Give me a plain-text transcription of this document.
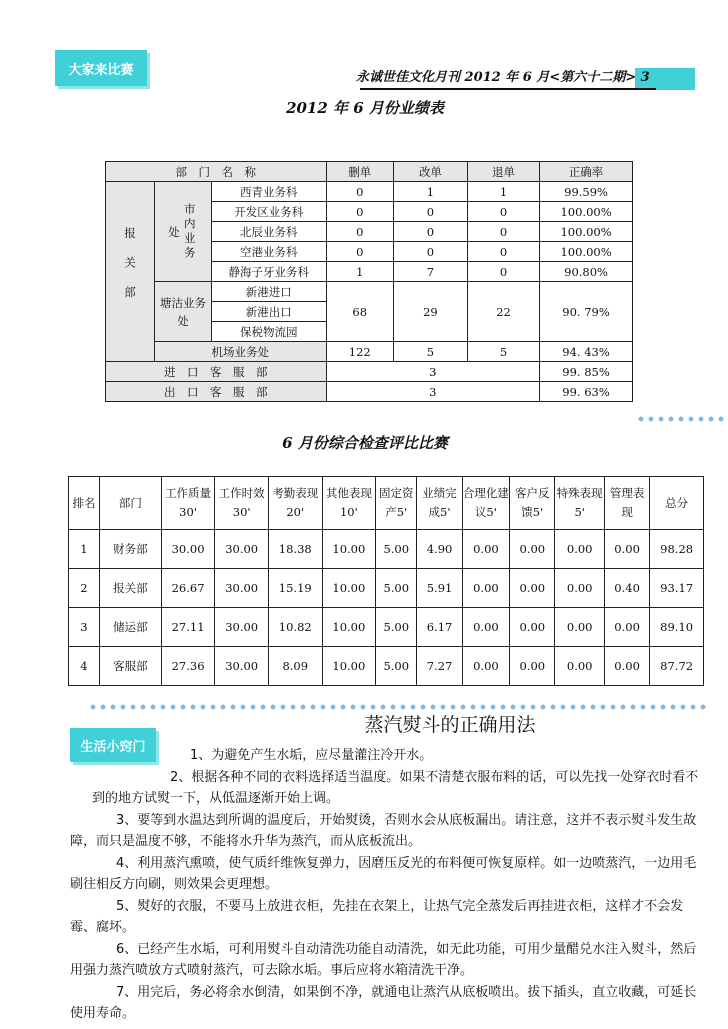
大家来比赛	永诚世佳文化月刊 2012 年 6 月<第六十二期> 3
2012 年 6 月份业绩表
部　门　名　称			删单	改单	退单	正确率

报关部	处 市内业务	西青业务科	0	1	1	99.59%
		开发区业务科	0	0	0	100.00%
		北辰业务科	0	0	0	100.00%
		空港业务科	0	0	0	100.00%
		静海子牙业务科	1	7	0	90.80%
	塘沽业务处	新港进口	68	29	22	90. 79%
		新港出口				
		保税物流园				
	机场业务处		122	5	5	94. 43%
进　口　客　服　部			3			99. 85%
出　口　客　服　部			3			99. 63%
6 月份综合检查评比比赛
排名	部门	工作质量30'	工作时效30'	考勤表现20'	其他表现10'	固定资产5'	业绩完成5'	合理化建议5'	客户反馈5'	特殊表现5'	管理表现	总分
1	财务部	30.00	30.00	18.38	10.00	5.00	4.90	0.00	0.00	0.00	0.00	98.28
2	报关部	26.67	30.00	15.19	10.00	5.00	5.91	0.00	0.00	0.00	0.40	93.17
3	储运部	27.11	30.00	10.82	10.00	5.00	6.17	0.00	0.00	0.00	0.00	89.10
4	客服部	27.36	30.00	8.09	10.00	5.00	7.27	0.00	0.00	0.00	0.00	87.72
生活小窍门
蒸汽熨斗的正确用法

1、为避免产生水垢，应尽量灌注冷开水。

2、根据各种不同的衣料选择适当温度。如果不清楚衣服布料的话，可以先找一处穿衣时看不到的地方试熨一下，从低温逐渐开始上调。

3、要等到水温达到所调的温度后，开始熨烫，否则水会从底板漏出。请注意，这并不表示熨斗发生故障，而只是温度不够，不能将水升华为蒸汽，而从底板流出。

4、利用蒸汽熏喷，使气质纤维恢复弹力，因磨压反光的布料便可恢复原样。如一边喷蒸汽，一边用毛刷往相反方向刷，则效果会更理想。

5、熨好的衣服，不要马上放进衣柜，先挂在衣架上，让热气完全蒸发后再挂进衣柜，这样才不会发霉、腐坏。

6、已经产生水垢，可利用熨斗自动清洗功能自动清洗，如无此功能，可用少量醋兑水注入熨斗，然后用强力蒸汽喷放方式喷射蒸汽，可去除水垢。事后应将水箱清洗干净。

7、用完后，务必将余水倒清，如果倒不净，就通电让蒸汽从底板喷出。拔下插头，直立收藏，可延长使用寿命。
